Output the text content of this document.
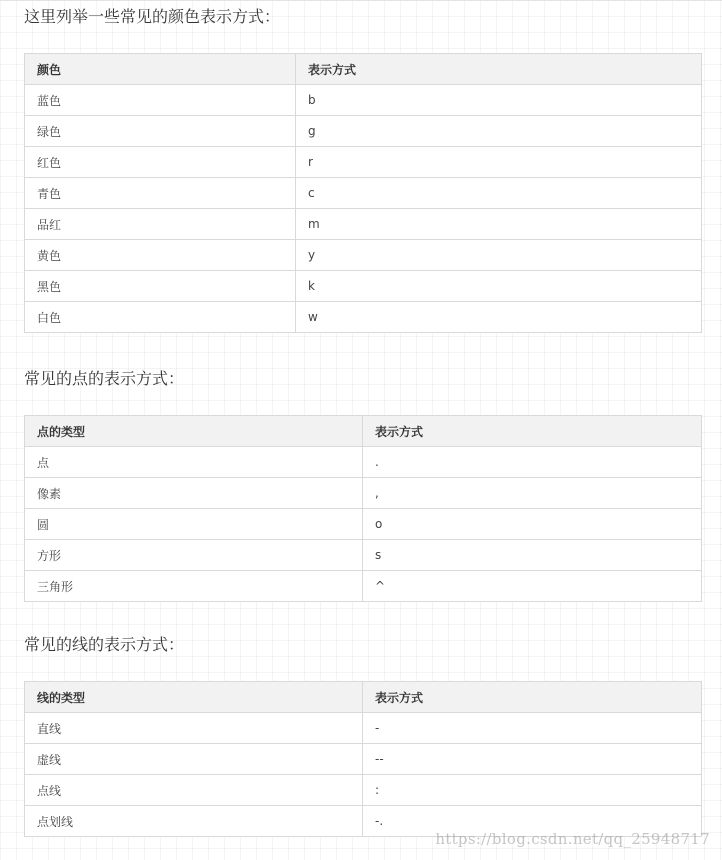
这里列举一些常见的颜色表示方式：
颜色	表示方式
蓝色	b
绿色	g
红色	r
青色	c
品红	m
黄色	y
黑色	k
白色	w
常见的点的表示方式：
点的类型	表示方式
点	.
像素	,
圆	o
方形	s
三角形	^
常见的线的表示方式：
线的类型	表示方式
直线	-
虚线	--
点线	:
点划线	-.
https://blog.csdn.net/qq_25948717
